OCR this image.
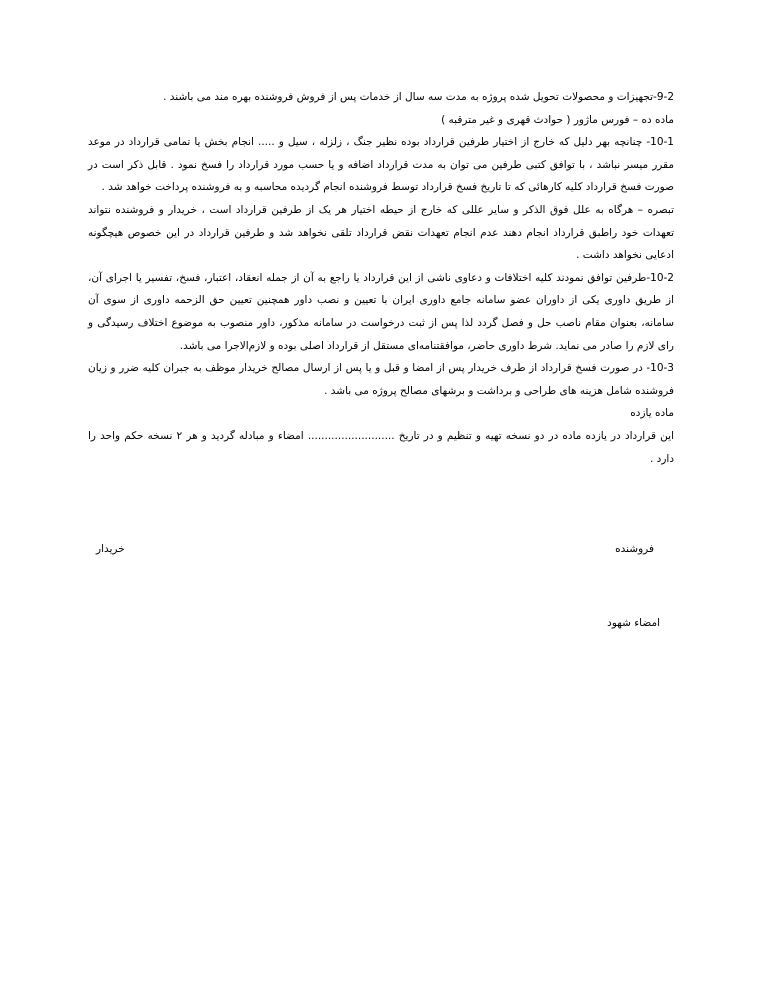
9-2-تجهیزات و محصولات تحویل شده پروژه به مدت سه سال از خدمات پس از فروش فروشنده بهره مند می باشند .

ماده ده – فورس ماژور ( حوادث قهری و غیر مترقبه )

10-1- چنانچه بهر دلیل که خارج از اختیار طرفین قرارداد بوده نظیر جنگ ، زلزله ، سیل و ..... انجام بخش یا تمامی قرارداد در موعد مقرر میسر نباشد ، با توافق کتبی طرفین می توان به مدت قرارداد اضافه و یا حسب مورد قرارداد را فسخ نمود . قابل ذکر است در صورت فسخ قرارداد کلیه کارهائی که تا تاریخ فسخ قرارداد توسط فروشنده انجام گردیده محاسبه و به فروشنده پرداخت خواهد شد .

تبصره – هرگاه به علل فوق الذکر و سایر عللی که خارج از حیطه اختیار هر یک از طرفین قرارداد است ، خریدار و فروشنده نتواند تعهدات خود راطبق قرارداد انجام دهند عدم انجام تعهدات نقض قرارداد تلقی نخواهد شد و طرفین قرارداد در این خصوص هیچگونه ادعایی نخواهد داشت .

10-2-طرفین توافق نمودند کلیه اختلافات و دعاوی ناشی از این قرارداد یا راجع به آن از جمله انعقاد، اعتبار، فسخ، تفسیر یا اجرای آن، از طریق داوری یکی از داوران عضو سامانه جامع داوری ایران با تعیین و نصب داور همچنین تعیین حق الزحمه داوری از سوی آن سامانه، بعنوان مقام ناصب حل و فصل گردد لذا پس از ثبت درخواست در سامانه مذکور، داور منصوب به موضوع اختلاف رسیدگی و رای لازم را صادر می نماید. شرط داوری حاضر، موافقتنامه‌ای مستقل از قرارداد اصلی بوده و لازم‌الاجرا می باشد.

10-3- در صورت فسخ قرارداد از طرف خریدار پس از امضا و قبل و یا پس از ارسال مصالح خریدار موظف به جبران کلیه ضرر و زیان فروشنده شامل هزینه های طراحی و برداشت و برشهای مصالح پروژه می باشد .

ماده یازده

این قرارداد در یازده ماده در دو نسخه تهیه و تنظیم و در تاریخ .......................... امضاء و مبادله گردید و هر ۲ نسخه حکم واحد را دارد .

فروشنده
خریدار
امضاء شهود
